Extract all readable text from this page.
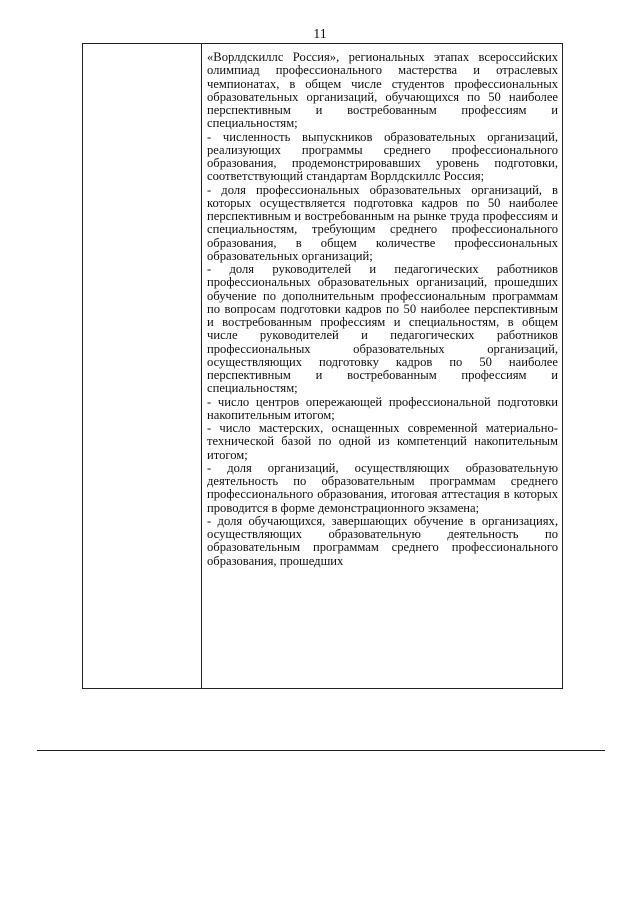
11

«Ворлдскиллс Россия», региональных этапах всероссийских олимпиад профессионального мастерства и отраслевых чемпионатах, в общем числе студентов профессиональных образовательных организаций, обучающихся по 50 наиболее перспективным и востребованным профессиям и специальностям;

- численность выпускников образовательных организаций, реализующих программы среднего профессионального образования, продемонстрировавших уровень подготовки, соответствующий стандартам Ворлдскиллс Россия;

- доля профессиональных образовательных организаций, в которых осуществляется подготовка кадров по 50 наиболее перспективным и востребованным на рынке труда профессиям и специальностям, требующим среднего профессионального образования, в общем количестве профессиональных образовательных организаций;

- доля руководителей и педагогических работников профессиональных образовательных организаций, прошедших обучение по дополнительным профессиональным программам по вопросам подготовки кадров по 50 наиболее перспективным и востребованным профессиям и специальностям, в общем числе руководителей и педагогических работников профессиональных образовательных организаций, осуществляющих подготовку кадров по 50 наиболее перспективным и востребованным профессиям и специальностям;

- число центров опережающей профессиональной подготовки накопительным итогом;

- число мастерских, оснащенных современной материально-технической базой по одной из компетенций накопительным итогом;

- доля организаций, осуществляющих образовательную деятельность по образовательным программам среднего профессионального образования, итоговая аттестация в которых проводится в форме демонстрационного экзамена;

- доля обучающихся, завершающих обучение в организациях, осуществляющих образовательную деятельность по образовательным программам среднего профессионального образования, прошедших
